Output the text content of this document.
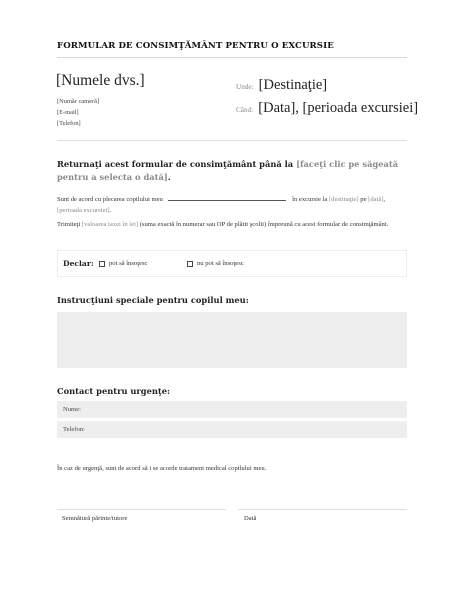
FORMULAR DE CONSIMŢĂMÂNT PENTRU O EXCURSIE
[Numele dvs.]
[Număr cameră]
[E-mail]
[Telefon]
Unde: [Destinaţie]
Când: [Data], [perioada excursiei]
Returnaţi acest formular de consimţământ până la [faceţi clic pe săgeată pentru a selecta o dată].
Sunt de acord cu plecarea copilului meu	în excursie la [destinaţie] pe [dată], [perioada excursiei].
Trimiteţi [valoarea taxei în lei] (suma exactă în numerar sau OP de plătit şcolii) împreună cu acest formular de consimţământ.
Declar: pot să însoţesc	nu pot să însoţesc
Instrucţiuni speciale pentru copilul meu:
Contact pentru urgenţe:
Nume:
Telefon:
În caz de urgenţă, sunt de acord să i se acorde tratament medical copilului meu.
Semnătură părinte/tutore	Dată
